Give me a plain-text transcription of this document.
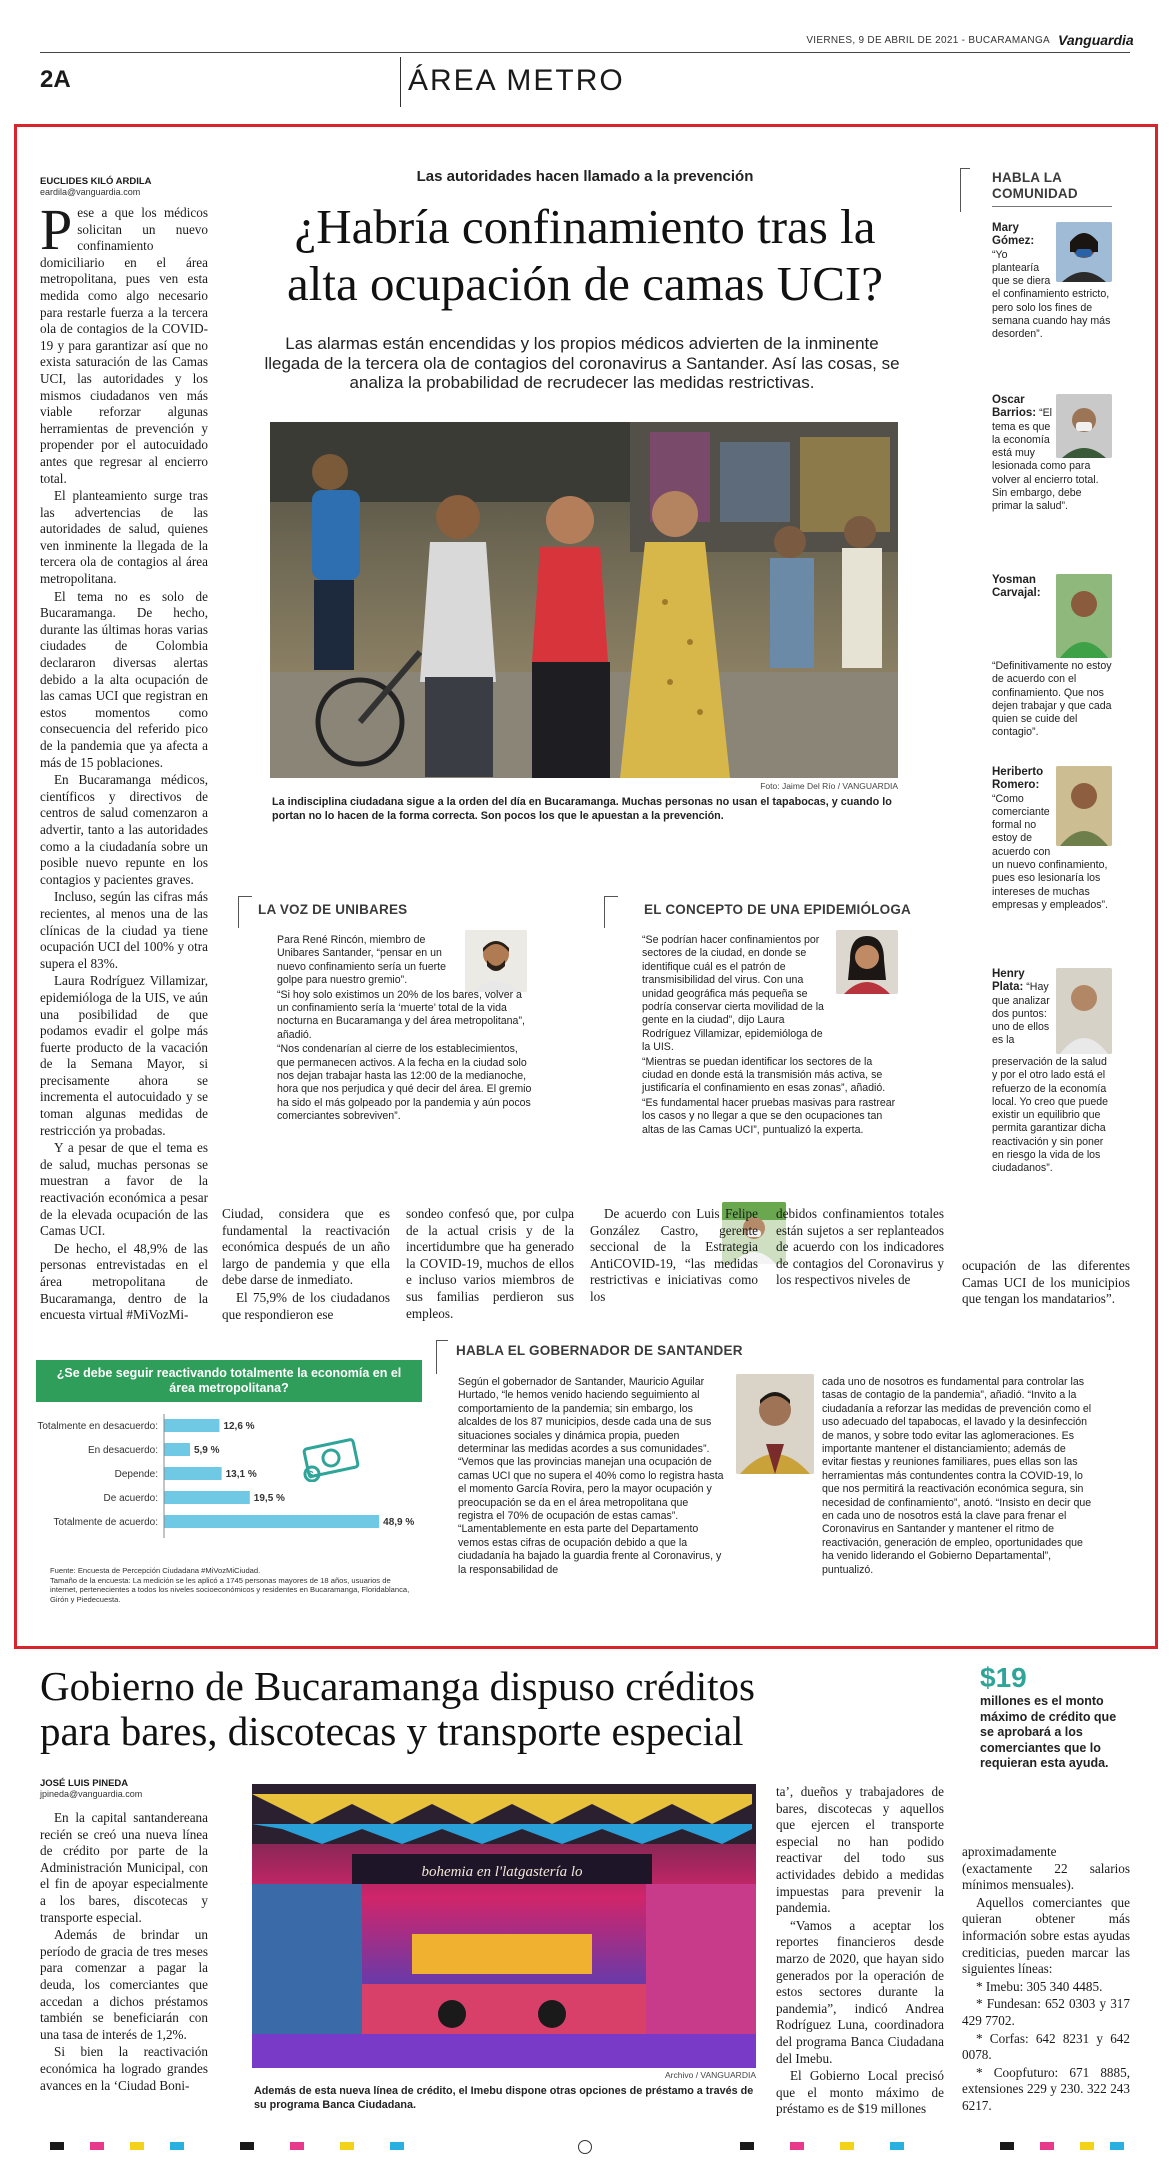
VIERNES, 9 DE ABRIL DE 2021 - BUCARAMANGA Vanguardia
2A	ÁREA METRO
EUCLIDES KILÓ ARDILA
eardila@vanguardia.com

Pese a que los médicos solicitan un nuevo confinamiento domiciliario en el área metropolitana, pues ven esta medida como algo necesario para restarle fuerza a la tercera ola de contagios de la COVID-19 y para garantizar así que no exista saturación de las Camas UCI, las autoridades y los mismos ciudadanos ven más viable reforzar algunas herramientas de prevención y propender por el autocuidado antes que regresar al encierro total.

El planteamiento surge tras las advertencias de las autoridades de salud, quienes ven inminente la llegada de la tercera ola de contagios al área metropolitana.

El tema no es solo de Bucaramanga. De hecho, durante las últimas horas varias ciudades de Colombia declararon diversas alertas debido a la alta ocupación de las camas UCI que registran en estos momentos como consecuencia del referido pico de la pandemia que ya afecta a más de 15 poblaciones.

En Bucaramanga médicos, científicos y directivos de centros de salud comenzaron a advertir, tanto a las autoridades como a la ciudadanía sobre un posible nuevo repunte en los contagios y pacientes graves.

Incluso, según las cifras más recientes, al menos una de las clínicas de la ciudad ya tiene ocupación UCI del 100% y otra supera el 83%.

Laura Rodríguez Villamizar, epidemióloga de la UIS, ve aún una posibilidad de que podamos evadir el golpe más fuerte producto de la vacación de la Semana Mayor, si precisamente ahora se incrementa el autocuidado y se toman algunas medidas de restricción ya probadas.

Y a pesar de que el tema es de salud, muchas personas se muestran a favor de la reactivación económica a pesar de la elevada ocupación de las Camas UCI.

De hecho, el 48,9% de las personas entrevistadas en el área metropolitana de Bucaramanga, dentro de la encuesta virtual #MiVozMi-

Las autoridades hacen llamado a la prevención
¿Habría confinamiento tras la
alta ocupación de camas UCI?
Las alarmas están encendidas y los propios médicos advierten de la inminente llegada de la tercera ola de contagios del coronavirus a Santander. Así las cosas, se analiza la probabilidad de recrudecer las medidas restrictivas.
Foto: Jaime Del Río / VANGUARDIA
La indisciplina ciudadana sigue a la orden del día en Bucaramanga. Muchas personas no usan el tapabocas, y cuando lo portan no lo hacen de la forma correcta. Son pocos los que le apuestan a la prevención.
LA VOZ DE UNIBARES

Para René Rincón, miembro de Unibares Santander, “pensar en un nuevo confinamiento sería un fuerte golpe para nuestro gremio”.

“Si hoy solo existimos un 20% de los bares, volver a un confinamiento sería la ‘muerte’ total de la vida nocturna en Bucaramanga y del área metropolitana”, añadió.

“Nos condenarían al cierre de los establecimientos, que permanecen activos. A la fecha en la ciudad solo nos dejan trabajar hasta las 12:00 de la medianoche, hora que nos perjudica y qué decir del área. El gremio ha sido el más golpeado por la pandemia y aún pocos comerciantes sobreviven”.

EL CONCEPTO DE UNA EPIDEMIÓLOGA

“Se podrían hacer confinamientos por sectores de la ciudad, en donde se identifique cuál es el patrón de transmisibilidad del virus. Con una unidad geográfica más pequeña se podría conservar cierta movilidad de la gente en la ciudad”, dijo Laura Rodríguez Villamizar, epidemióloga de la UIS.

“Mientras se puedan identificar los sectores de la ciudad en donde está la transmisión más activa, se justificaría el confinamiento en esas zonas”, añadió.

“Es fundamental hacer pruebas masivas para rastrear los casos y no llegar a que se den ocupaciones tan altas de las Camas UCI”, puntualizó la experta.

Ciudad, considera que es fundamental la reactivación económica después de un año largo de pandemia y que ella debe darse de inmediato.

El 75,9% de los ciudadanos que respondieron ese

sondeo confesó que, por culpa de la actual crisis y de la incertidumbre que ha generado la COVID-19, muchos de ellos e incluso varios miembros de sus familias perdieron sus empleos.

De acuerdo con Luis Felipe González Castro, gerente seccional de la Estrategia AntiCOVID-19, “las medidas restrictivas e iniciativas como los

debidos confinamientos totales están sujetos a ser replanteados de acuerdo con los indicadores de contagios del Coronavirus y los respectivos niveles de

ocupación de las diferentes Camas UCI de los municipios que tengan los mandatarios”.

HABLA LA
COMUNIDAD
Mary Gómez: “Yo plantearía que se diera el confinamiento estricto, pero solo los fines de semana cuando hay más desorden”.
Oscar Barrios: “El tema es que la economía está muy lesionada como para volver al encierro total. Sin embargo, debe primar la salud”.
Yosman Carvajal: “Definitivamente no estoy de acuerdo con el confinamiento. Que nos dejen trabajar y que cada quien se cuide del contagio”.
Heriberto Romero: “Como comerciante formal no estoy de acuerdo con un nuevo confinamiento, pues eso lesionaría los intereses de muchas empresas y empleados”.
Henry Plata: “Hay que analizar dos puntos: uno de ellos es la preservación de la salud y por el otro lado está el refuerzo de la economía local. Yo creo que puede existir un equilibrio que permita garantizar dicha reactivación y sin poner en riesgo la vida de los ciudadanos”.
¿Se debe seguir reactivando totalmente la economía en el área metropolitana?
Totalmente en desacuerdo:	12,6 %
En desacuerdo:	5,9 %
Depende:	13,1 %
De acuerdo:	19,5 %
Totalmente de acuerdo:	48,9 %
$
Fuente: Encuesta de Percepción Ciudadana #MiVozMiCiudad.
Tamaño de la encuesta: La medición se les aplicó a 1745 personas mayores de 18 años, usuarios de internet, pertenecientes a todos los niveles socioeconómicos y residentes en Bucaramanga, Floridablanca, Girón y Piedecuesta.
HABLA EL GOBERNADOR DE SANTANDER
Según el gobernador de Santander, Mauricio Aguilar Hurtado, “le hemos venido haciendo seguimiento al comportamiento de la pandemia; sin embargo, los alcaldes de los 87 municipios, desde cada una de sus situaciones sociales y dinámica propia, pueden determinar las medidas acordes a sus comunidades”. “Vemos que las provincias manejan una ocupación de camas UCI que no supera el 40% como lo registra hasta el momento García Rovira, pero la mayor ocupación y preocupación se da en el área metropolitana que registra el 70% de ocupación de estas camas”. “Lamentablemente en esta parte del Departamento vemos estas cifras de ocupación debido a que la ciudadanía ha bajado la guardia frente al Coronavirus, y la responsabilidad de
cada uno de nosotros es fundamental para controlar las tasas de contagio de la pandemia”, añadió. “Invito a la ciudadanía a reforzar las medidas de prevención como el uso adecuado del tapabocas, el lavado y la desinfección de manos, y sobre todo evitar las aglomeraciones. Es importante mantener el distanciamiento; además de evitar fiestas y reuniones familiares, pues ellas son las herramientas más contundentes contra la COVID-19, lo que nos permitirá la reactivación económica segura, sin necesidad de confinamiento”, anotó. “Insisto en decir que en cada uno de nosotros está la clave para frenar el Coronavirus en Santander y mantener el ritmo de reactivación, generación de empleo, oportunidades que ha venido liderando el Gobierno Departamental”, puntualizó.
Gobierno de Bucaramanga dispuso créditos
para bares, discotecas y transporte especial
$19
millones es el monto máximo de crédito que se aprobará a los comerciantes que lo requieran esta ayuda.
JOSÉ LUIS PINEDA
jpineda@vanguardia.com

En la capital santandereana recién se creó una nueva línea de crédito por parte de la Administración Municipal, con el fin de apoyar especialmente a los bares, discotecas y transporte especial.

Además de brindar un período de gracia de tres meses para comenzar a pagar la deuda, los comerciantes que accedan a dichos préstamos también se beneficiarán con una tasa de interés de 1,2%.

Si bien la reactivación económica ha logrado grandes avances en la ‘Ciudad Boni-

bohemia en l'latgastería lo
Archivo / VANGUARDIA
Además de esta nueva línea de crédito, el Imebu dispone otras opciones de préstamo a través de su programa Banca Ciudadana.

ta’, dueños y trabajadores de bares, discotecas y aquellos que ejercen el transporte especial no han podido reactivar del todo sus actividades debido a medidas impuestas para prevenir la pandemia.

“Vamos a aceptar los reportes financieros desde marzo de 2020, que hayan sido generados por la operación de estos sectores durante la pandemia”, indicó Andrea Rodríguez Luna, coordinadora del programa Banca Ciudadana del Imebu.

El Gobierno Local precisó que el monto máximo de préstamo es de $19 millones

aproximadamente (exactamente 22 salarios mínimos mensuales).

Aquellos comerciantes que quieran obtener más información sobre estas ayudas crediticias, pueden marcar las siguientes líneas:

* Imebu: 305 340 4485.

* Fundesan: 652 0303 y 317 429 7702.

* Corfas: 642 8231 y 642 0078.

* Coopfuturo: 671 8885, extensiones 229 y 230. 322 243 6217.
